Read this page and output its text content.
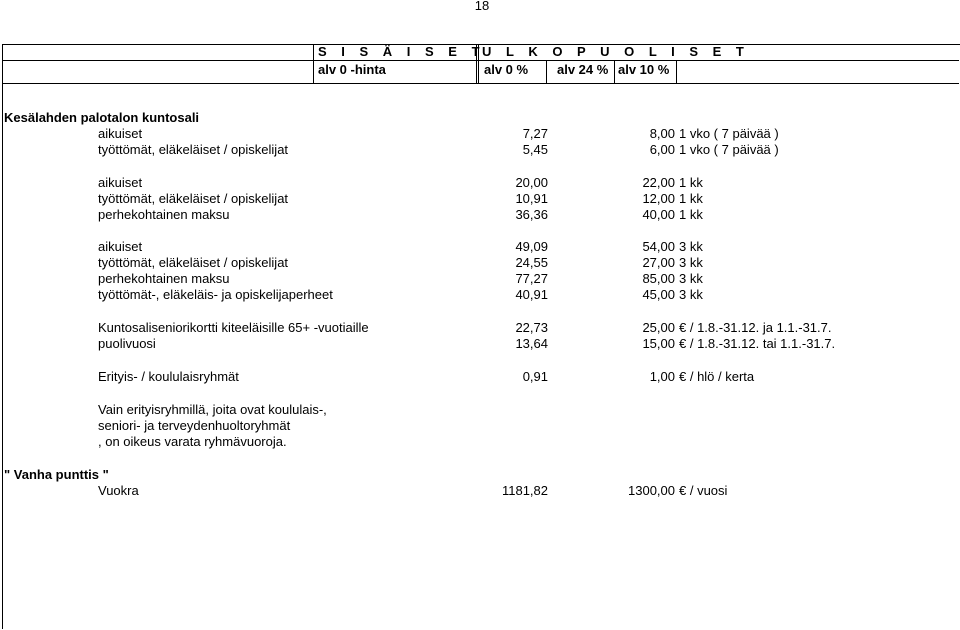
18
S I S Ä I S E T
U L K O P U O L I S E T
alv 0 -hinta	alv 0 % alv 24 % alv 10 %
Kesälahden palotalon kuntosali
aikuiset	7,27	8,00 1 vko ( 7 päivää )
työttömät, eläkeläiset / opiskelijat	5,45	6,00 1 vko ( 7 päivää )
aikuiset	20,00	22,00 1 kk
työttömät, eläkeläiset / opiskelijat	10,91	12,00 1 kk
perhekohtainen maksu	36,36	40,00 1 kk
aikuiset	49,09	54,00 3 kk
työttömät, eläkeläiset / opiskelijat	24,55	27,00 3 kk
perhekohtainen maksu	77,27	85,00 3 kk
työttömät-, eläkeläis- ja opiskelijaperheet	40,91	45,00 3 kk
Kuntosaliseniorikortti kiteeläisille 65+ -vuotiaille	22,73	25,00 € / 1.8.-31.12. ja 1.1.-31.7.
puolivuosi	13,64	15,00 € / 1.8.-31.12. tai 1.1.-31.7.
Erityis- / koululaisryhmät	0,91	1,00 € / hlö / kerta
Vain erityisryhmillä, joita ovat koululais-,
seniori- ja terveydenhuoltoryhmät
, on oikeus varata ryhmävuoroja.
" Vanha punttis "
Vuokra	1181,82	1300,00 € / vuosi
